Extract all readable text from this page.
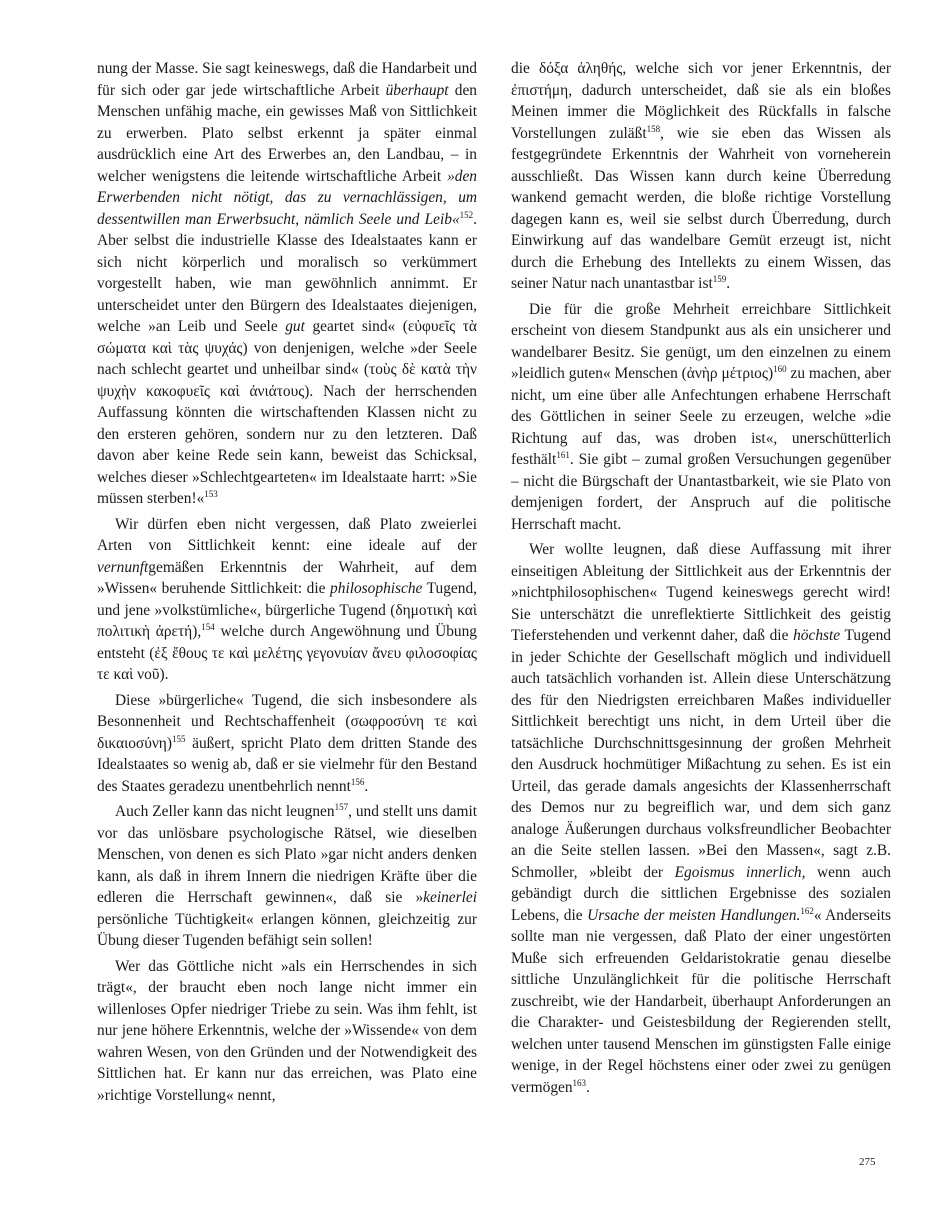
nung der Masse. Sie sagt keineswegs, daß die Handarbeit und für sich oder gar jede wirtschaftliche Arbeit überhaupt den Menschen unfähig mache, ein gewisses Maß von Sittlichkeit zu erwerben. Plato selbst erkennt ja später einmal ausdrücklich eine Art des Erwerbes an, den Landbau, – in welcher wenigstens die leitende wirtschaftliche Arbeit »den Erwerbenden nicht nötigt, das zu vernachlässigen, um dessentwillen man Erwerbsucht, nämlich Seele und Leib«$^{152}$. Aber selbst die industrielle Klasse des Idealstaates kann er sich nicht körperlich und moralisch so verkümmert vorgestellt haben, wie man gewöhnlich annimmt. Er unterscheidet unter den Bürgern des Idealstaates diejenigen, welche »an Leib und Seele gut geartet sind« (εὐφυεῖς τὰ σώματα καὶ τὰς ψυχάς) von denjenigen, welche »der Seele nach schlecht geartet und unheilbar sind« (τοὺς δὲ κατὰ τὴν ψυχὴν κακοφυεῖς καὶ ἀνιάτους). Nach der herrschenden Auffassung könnten die wirtschaftenden Klassen nicht zu den ersteren gehören, sondern nur zu den letzteren. Daß davon aber keine Rede sein kann, beweist das Schicksal, welches dieser »Schlechtgearteten« im Idealstaate harrt: »Sie müssen sterben!«$^{153}$

Wir dürfen eben nicht vergessen, daß Plato zweierlei Arten von Sittlichkeit kennt: eine ideale auf der vernunftgemäßen Erkenntnis der Wahrheit, auf dem »Wissen« beruhende Sittlichkeit: die philosophische Tugend, und jene »volkstümliche«, bürgerliche Tugend (δημοτικὴ καὶ πολιτικὴ ἀρετή),$^{154}$ welche durch Angewöhnung und Übung entsteht (ἐξ ἔθους τε καὶ μελέτης γεγονυίαν ἄνευ φιλοσοφίας τε καὶ νοῦ).

Diese »bürgerliche« Tugend, die sich insbesondere als Besonnenheit und Rechtschaffenheit (σωφροσύνη τε καὶ δικαιοσύνη)$^{155}$ äußert, spricht Plato dem dritten Stande des Idealstaates so wenig ab, daß er sie vielmehr für den Bestand des Staates geradezu unentbehrlich nennt$^{156}$.

Auch Zeller kann das nicht leugnen$^{157}$, und stellt uns damit vor das unlösbare psychologische Rätsel, wie dieselben Menschen, von denen es sich Plato »gar nicht anders denken kann, als daß in ihrem Innern die niedrigen Kräfte über die edleren die Herrschaft gewinnen«, daß sie »keinerlei persönliche Tüchtigkeit« erlangen können, gleichzeitig zur Übung dieser Tugenden befähigt sein sollen!

Wer das Göttliche nicht »als ein Herrschendes in sich trägt«, der braucht eben noch lange nicht immer ein willenloses Opfer niedriger Triebe zu sein. Was ihm fehlt, ist nur jene höhere Erkenntnis, welche der »Wissende« von dem wahren Wesen, von den Gründen und der Notwendigkeit des Sittlichen hat. Er kann nur das erreichen, was Plato eine »richtige Vorstellung« nennt,

die δόξα ἀληθής, welche sich vor jener Erkenntnis, der ἐπιστήμη, dadurch unterscheidet, daß sie als ein bloßes Meinen immer die Möglichkeit des Rückfalls in falsche Vorstellungen zuläßt$^{158}$, wie sie eben das Wissen als festgegründete Erkenntnis der Wahrheit von vorneherein ausschließt. Das Wissen kann durch keine Überredung wankend gemacht werden, die bloße richtige Vorstellung dagegen kann es, weil sie selbst durch Überredung, durch Einwirkung auf das wandelbare Gemüt erzeugt ist, nicht durch die Erhebung des Intellekts zu einem Wissen, das seiner Natur nach unantastbar ist$^{159}$.

Die für die große Mehrheit erreichbare Sittlichkeit erscheint von diesem Standpunkt aus als ein unsicherer und wandelbarer Besitz. Sie genügt, um den einzelnen zu einem »leidlich guten« Menschen (ἀνὴρ μέτριος)$^{160}$ zu machen, aber nicht, um eine über alle Anfechtungen erhabene Herrschaft des Göttlichen in seiner Seele zu erzeugen, welche »die Richtung auf das, was droben ist«, unerschütterlich festhält$^{161}$. Sie gibt – zumal großen Versuchungen gegenüber – nicht die Bürgschaft der Unantastbarkeit, wie sie Plato von demjenigen fordert, der Anspruch auf die politische Herrschaft macht.

Wer wollte leugnen, daß diese Auffassung mit ihrer einseitigen Ableitung der Sittlichkeit aus der Erkenntnis der »nichtphilosophischen« Tugend keineswegs gerecht wird! Sie unterschätzt die unreflektierte Sittlichkeit des geistig Tieferstehenden und verkennt daher, daß die höchste Tugend in jeder Schichte der Gesellschaft möglich und individuell auch tatsächlich vorhanden ist. Allein diese Unterschätzung des für den Niedrigsten erreichbaren Maßes individueller Sittlichkeit berechtigt uns nicht, in dem Urteil über die tatsächliche Durchschnittsgesinnung der großen Mehrheit den Ausdruck hochmütiger Mißachtung zu sehen. Es ist ein Urteil, das gerade damals angesichts der Klassenherrschaft des Demos nur zu begreiflich war, und dem sich ganz analoge Äußerungen durchaus volksfreundlicher Beobachter an die Seite stellen lassen. »Bei den Massen«, sagt z.B. Schmoller, »bleibt der Egoismus innerlich, wenn auch gebändigt durch die sittlichen Ergebnisse des sozialen Lebens, die Ursache der meisten Handlungen.$^{162}$« Anderseits sollte man nie vergessen, daß Plato der einer ungestörten Muße sich erfreuenden Geldaristokratie genau dieselbe sittliche Unzulänglichkeit für die politische Herrschaft zuschreibt, wie der Handarbeit, überhaupt Anforderungen an die Charakter- und Geistesbildung der Regierenden stellt, welchen unter tausend Menschen im günstigsten Falle einige wenige, in der Regel höchstens einer oder zwei zu genügen vermögen$^{163}$.

275
